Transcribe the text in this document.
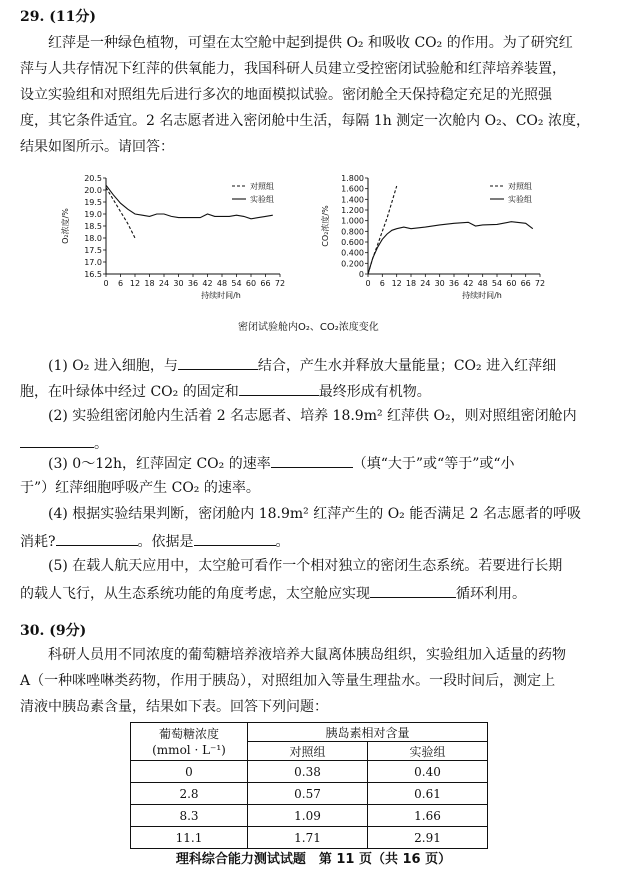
29. (11分)
红萍是一种绿色植物，可望在太空舱中起到提供 O₂ 和吸收 CO₂ 的作用。为了研究红
萍与人共存情况下红萍的供氧能力，我国科研人员建立受控密闭试验舱和红萍培养装置，
设立实验组和对照组先后进行多次的地面模拟试验。密闭舱全天保持稳定充足的光照强
度，其它条件适宜。2 名志愿者进入密闭舱中生活，每隔 1h 测定一次舱内 O₂、CO₂ 浓度，
结果如图所示。请回答：
20.5
20.0
19.5
19.0
18.5
18.0
17.5
17.0
16.5
0 6 12 18 24 30 36 42 48 54 60 66 72
持续时间/h
O₂浓度/%
对照组
实验组
1.800
1.600
1.400
1.200
1.000
0.800
0.600
0.400
0.200
0
0 6 12 18 24 30 36 42 48 54 60 66 72
持续时间/h
CO₂浓度/%
对照组
实验组
密闭试验舱内O₂、CO₂浓度变化
(1) O₂ 进入细胞，与	结合，产生水并释放大量能量；CO₂ 进入红萍细
胞，在叶绿体中经过 CO₂ 的固定和	最终形成有机物。
(2) 实验组密闭舱内生活着 2 名志愿者、培养 18.9m² 红萍供 O₂，则对照组密闭舱内
。
(3) 0～12h，红萍固定 CO₂ 的速率	（填“大于”或“等于”或“小
于”）红萍细胞呼吸产生 CO₂ 的速率。
(4) 根据实验结果判断，密闭舱内 18.9m² 红萍产生的 O₂ 能否满足 2 名志愿者的呼吸
消耗?	。依据是	。
(5) 在载人航天应用中，太空舱可看作一个相对独立的密闭生态系统。若要进行长期
的载人飞行，从生态系统功能的角度考虑，太空舱应实现	循环利用。
30. (9分)
科研人员用不同浓度的葡萄糖培养液培养大鼠离体胰岛组织，实验组加入适量的药物
A（一种咪唑啉类药物，作用于胰岛），对照组加入等量生理盐水。一段时间后，测定上
清液中胰岛素含量，结果如下表。回答下列问题：
葡萄糖浓度
(mmol · L⁻¹)	胰岛素相对含量	
	对照组	实验组
0	0.38	0.40
2.8	0.57	0.61
8.3	1.09	1.66
11.1	1.71	2.91
理科综合能力测试试题　第 11 页（共 16 页）
